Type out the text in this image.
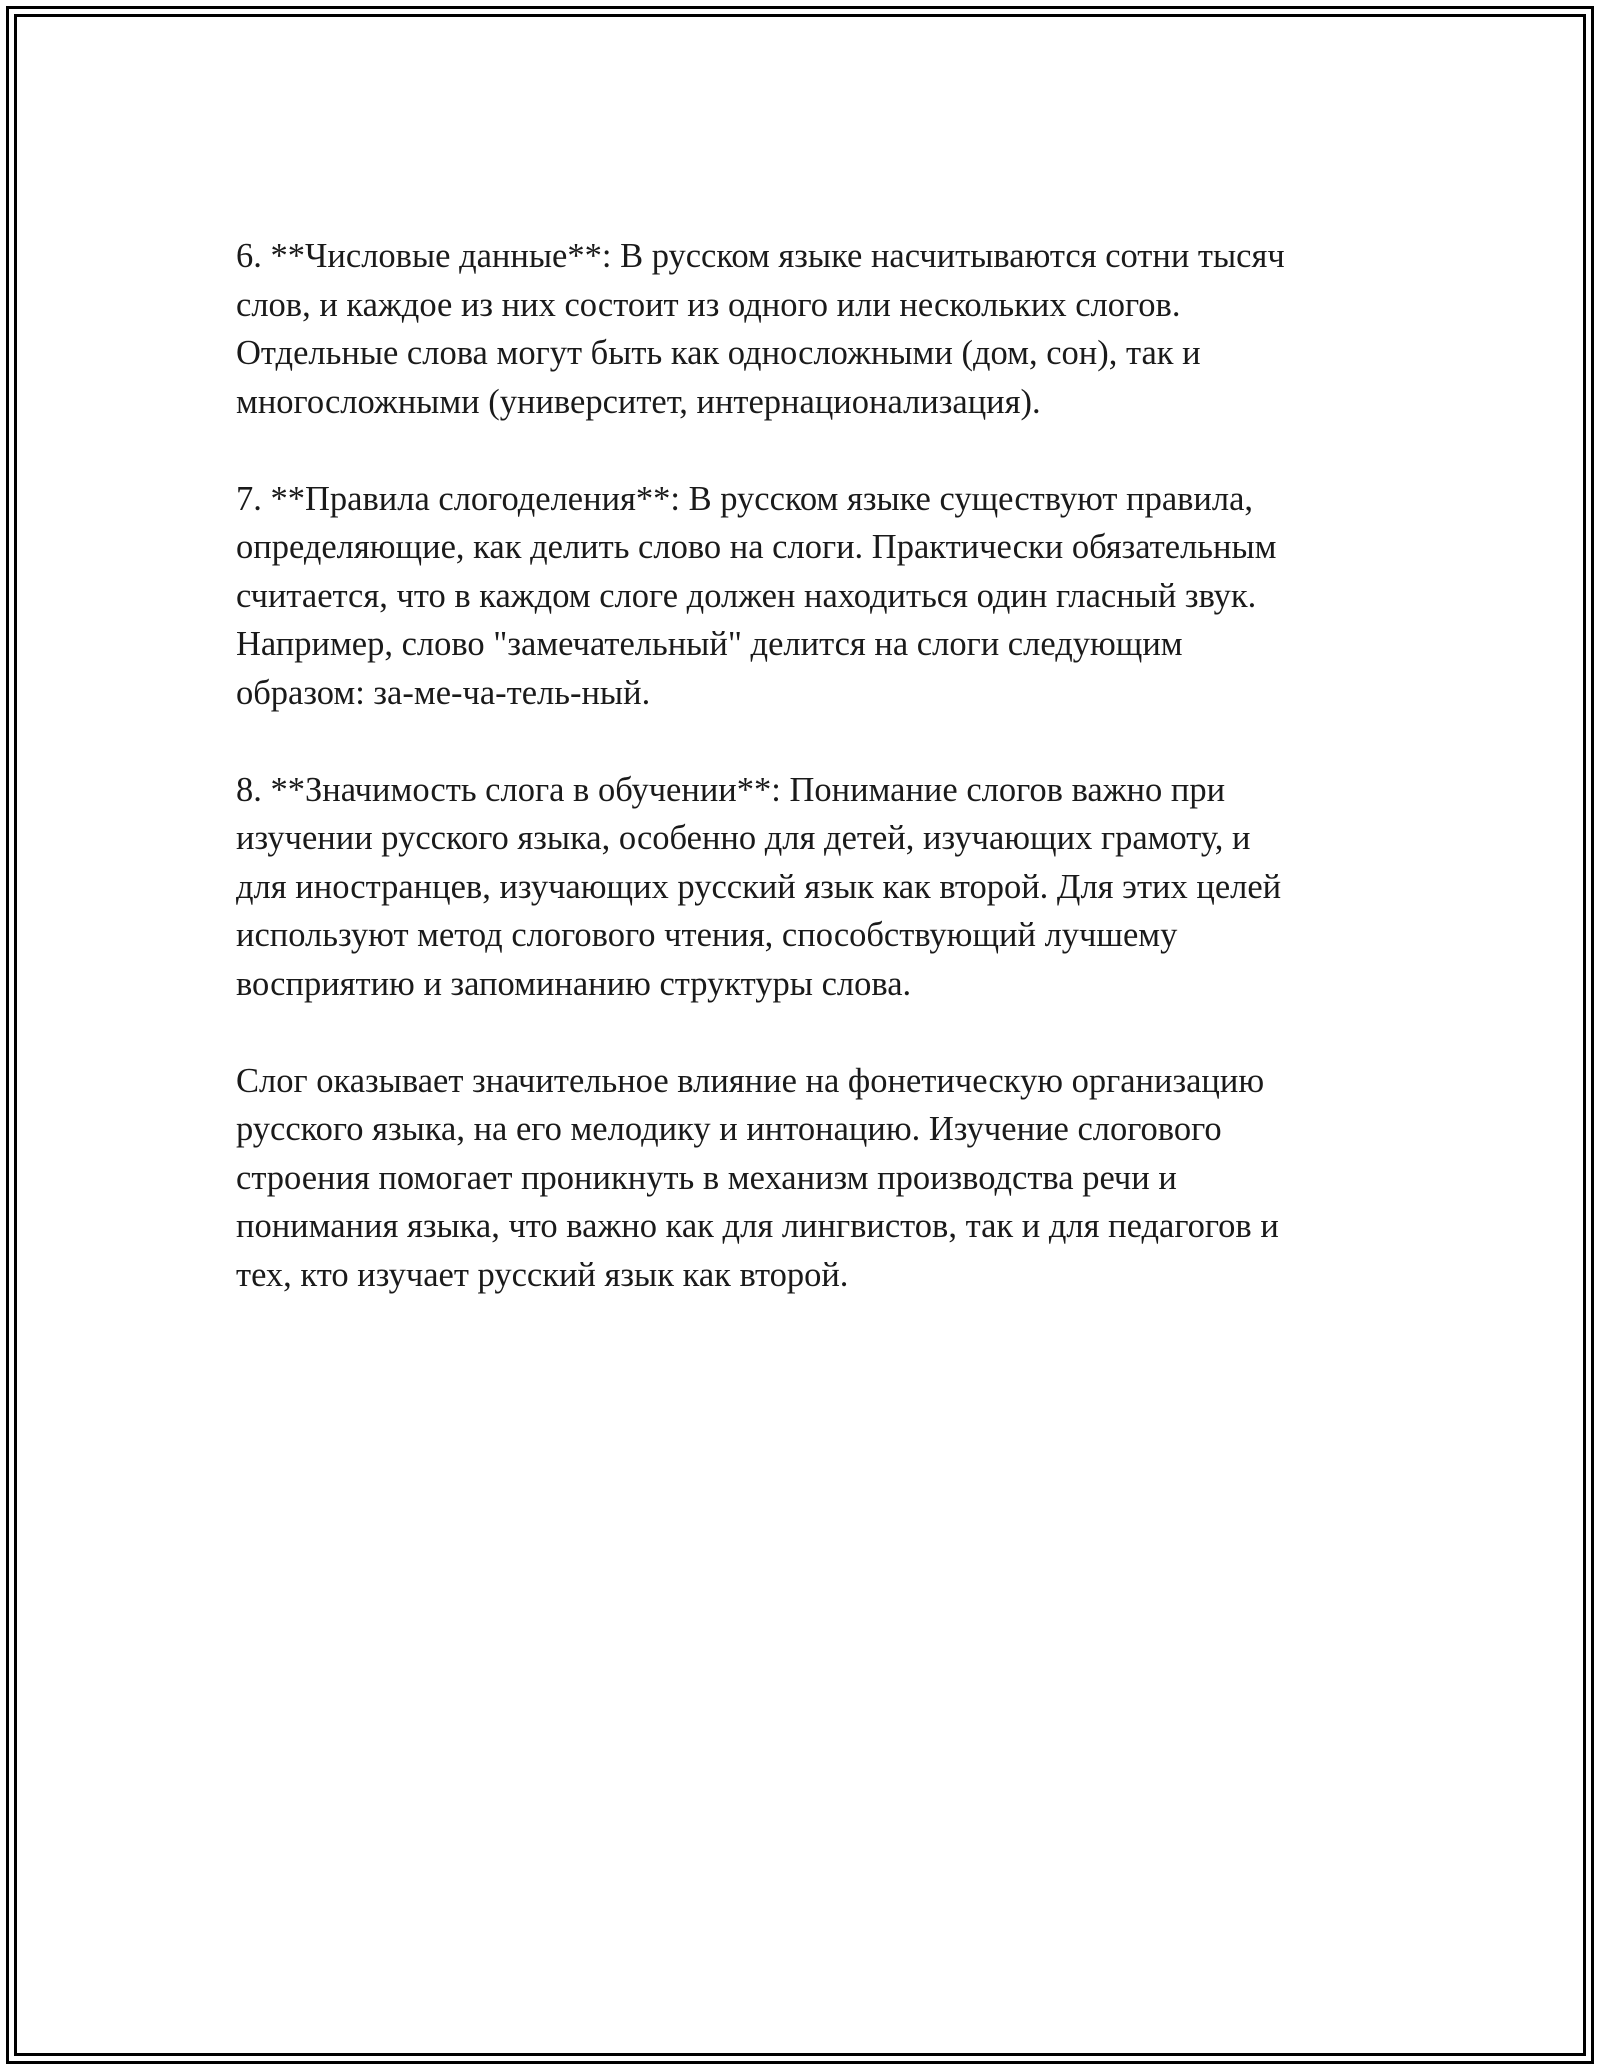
6. **Числовые данные**: В русском языке насчитываются сотни тысяч
слов, и каждое из них состоит из одного или нескольких слогов.
Отдельные слова могут быть как односложными (дом, сон), так и
многосложными (университет, интернационализация).

7. **Правила слогоделения**: В русском языке существуют правила,
определяющие, как делить слово на слоги. Практически обязательным
считается, что в каждом слоге должен находиться один гласный звук.
Например, слово "замечательный" делится на слоги следующим
образом: за-ме-ча-тель-ный.

8. **Значимость слога в обучении**: Понимание слогов важно при
изучении русского языка, особенно для детей, изучающих грамоту, и
для иностранцев, изучающих русский язык как второй. Для этих целей
используют метод слогового чтения, способствующий лучшему
восприятию и запоминанию структуры слова.

Слог оказывает значительное влияние на фонетическую организацию
русского языка, на его мелодику и интонацию. Изучение слогового
строения помогает проникнуть в механизм производства речи и
понимания языка, что важно как для лингвистов, так и для педагогов и
тех, кто изучает русский язык как второй.
